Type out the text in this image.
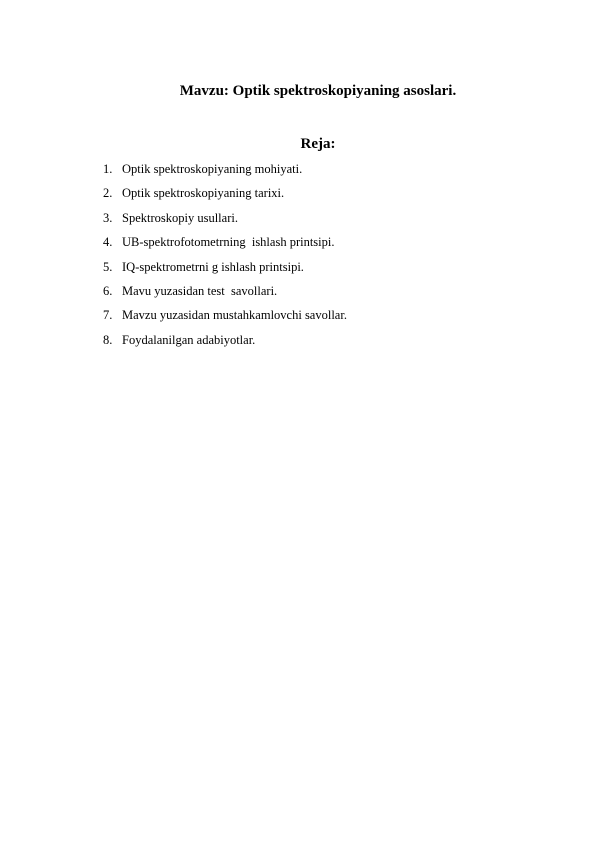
Mavzu: Optik spektroskopiyaning asoslari.
Reja:
1. Optik spektroskopiyaning mohiyati.
2. Optik spektroskopiyaning tarixi.
3. Spektroskopiy usullari.
4. UB-spektrofotometrning  ishlash printsipi.
5. IQ-spektrometrni g ishlash printsipi.
6. Mavu yuzasidan test  savollari.
7. Mavzu yuzasidan mustahkamlovchi savollar.
8. Foydalanilgan adabiyotlar.
